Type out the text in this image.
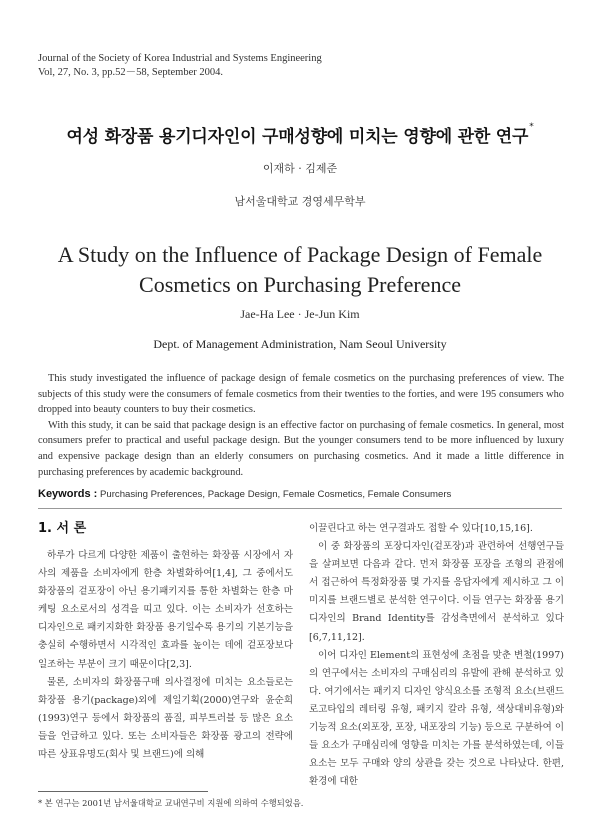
Journal of the Society of Korea Industrial and Systems Engineering
Vol, 27, No. 3, pp.52－58, September 2004.
여성 화장품 용기디자인이 구매성향에 미치는 영향에 관한 연구*
이재하 · 김제준
남서울대학교 경영세무학부
A Study on the Influence of Package Design of Female
Cosmetics on Purchasing Preference
Jae-Ha Lee · Je-Jun Kim
Dept. of Management Administration, Nam Seoul University

This study investigated the influence of package design of female cosmetics on the purchasing preferences of view. The subjects of this study were the consumers of female cosmetics from their twenties to the forties, and were 195 consumers who dropped into beauty counters to buy their cosmetics.

With this study, it can be said that package design is an effective factor on purchasing of female cosmetics. In general, most consumers prefer to practical and useful package design. But the younger consumers tend to be more influenced by luxury and expensive package design than an elderly consumers on purchasing cosmetics. And it made a little difference in purchasing preferences by academic background.

Keywords : Purchasing Preferences, Package Design, Female Cosmetics, Female Consumers
1. 서 론

하루가 다르게 다양한 제품이 출현하는 화장품 시장에서 자사의 제품을 소비자에게 한층 차별화하여[1,4], 그 중에서도 화장품의 겉포장이 아닌 용기패키지를 통한 차별화는 한층 마케팅 요소로서의 성격을 띠고 있다. 이는 소비자가 선호하는 디자인으로 패키지화한 화장품 용기일수록 용기의 기본기능을 충실히 수행하면서 시각적인 효과를 높이는 데에 겉포장보다 일조하는 부분이 크기 때문이다[2,3].

물론, 소비자의 화장품구매 의사결정에 미치는 요소들로는 화장품 용기(package)외에 제일기획(2000)연구와 윤순희(1993)연구 등에서 화장품의 품질, 피부트러블 등 많은 요소들을 언급하고 있다. 또는 소비자들은 화장품 광고의 전략에 따른 상표유명도(회사 및 브랜드)에 의해

이끌린다고 하는 연구결과도 접할 수 있다[10,15,16].

이 중 화장품의 포장디자인(겉포장)과 관련하여 선행연구들을 살펴보면 다음과 같다. 먼저 화장품 포장을 조형의 관점에서 접근하여 특정화장품 몇 가지를 응답자에게 제시하고 그 이미지를 브랜드별로 분석한 연구이다. 이들 연구는 화장품 용기디자인의 Brand Identity를 감성측면에서 분석하고 있다[6,7,11,12].

이어 디자인 Element의 표현성에 초점을 맞춘 변철(1997)의 연구에서는 소비자의 구매심리의 유발에 관해 분석하고 있다. 여기에서는 패키지 디자인 양식요소를 조형적 요소(브랜드 로고타입의 레터링 유형, 패키지 칼라 유형, 색상대비유형)와 기능적 요소(외포장, 포장, 내포장의 기능) 등으로 구분하여 이들 요소가 구매심리에 영향을 미치는 가를 분석하였는데, 이들 요소는 모두 구매와 양의 상관을 갖는 것으로 나타났다. 한편, 환경에 대한

* 본 연구는 2001년 남서울대학교 교내연구비 지원에 의하여 수행되었음.
